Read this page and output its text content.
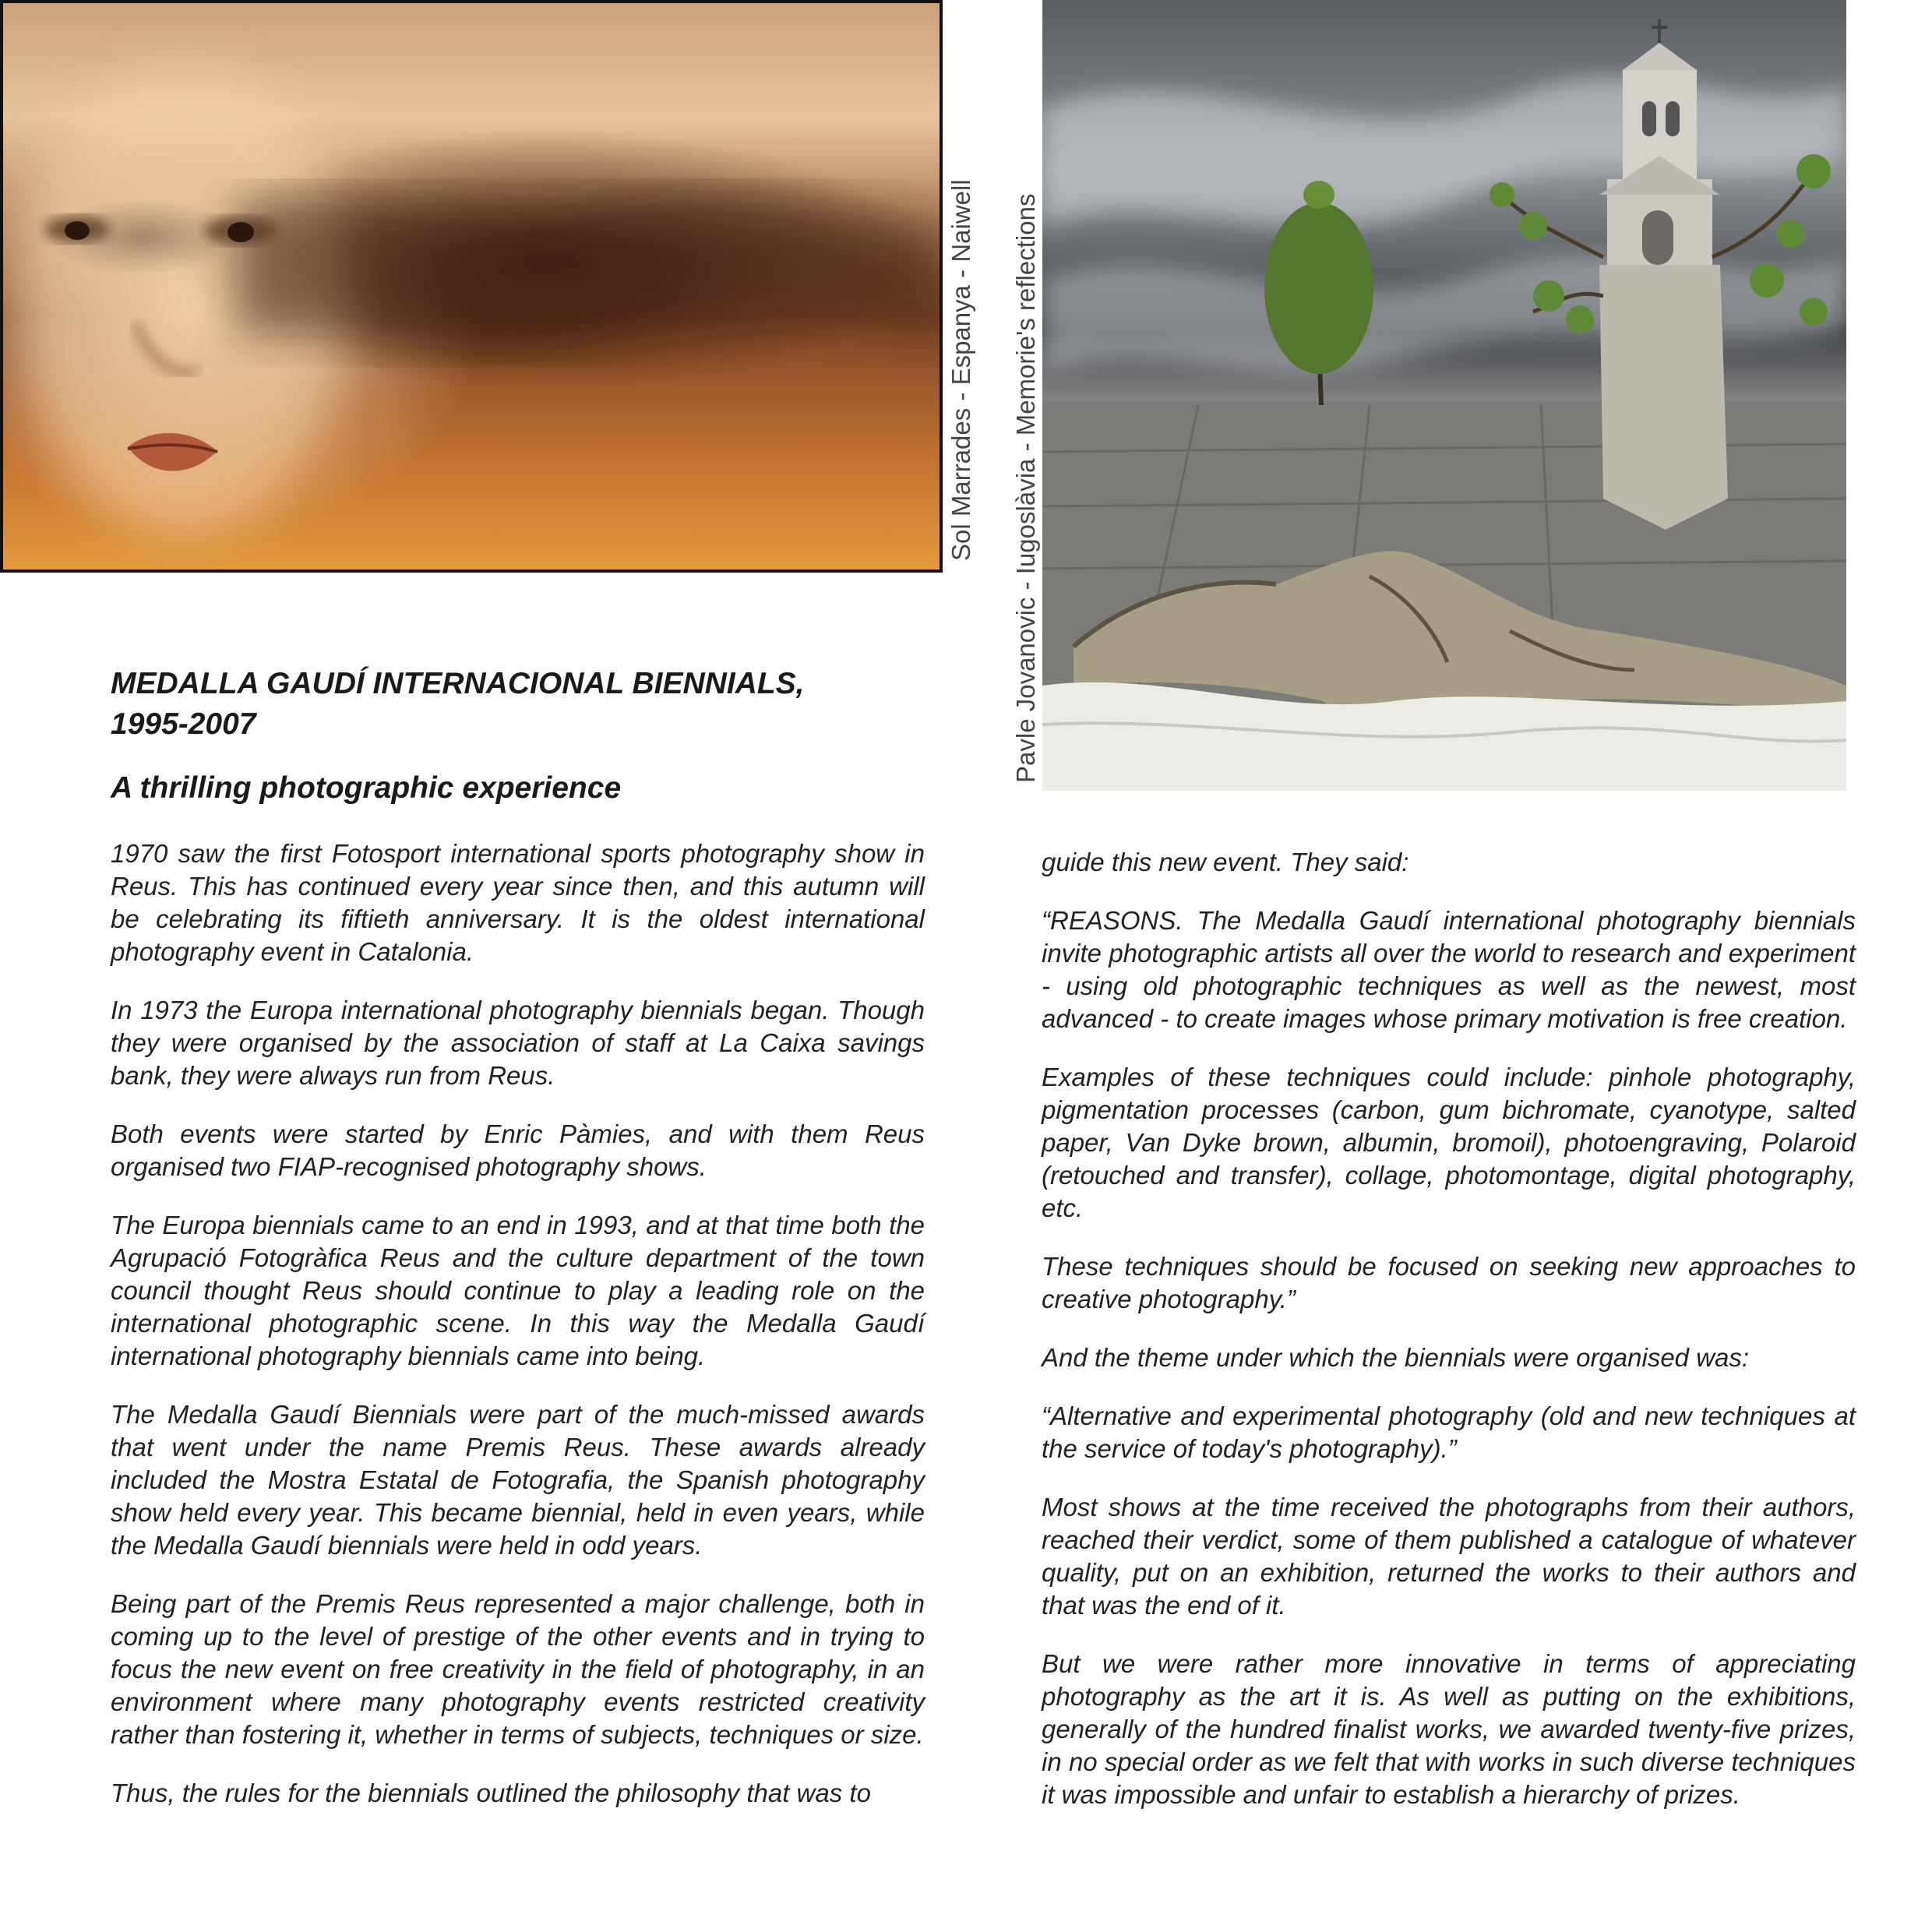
Sol Marrades - Espanya - Naiwell Pavle Jovanovic - Iugoslàvia - Memorie's reflections
MEDALLA GAUDÍ INTERNACIONAL BIENNIALS,
1995-2007
A thrilling photographic experience

1970 saw the first Fotosport international sports photography show in Reus. This has continued every year since then, and this autumn will be celebrating its fiftieth anniversary. It is the oldest international photography event in Catalonia.

In 1973 the Europa international photography biennials began. Though they were organised by the association of staff at La Caixa savings bank, they were always run from Reus.

Both events were started by Enric Pàmies, and with them Reus organised two FIAP-recognised photography shows.

The Europa biennials came to an end in 1993, and at that time both the Agrupació Fotogràfica Reus and the culture department of the town council thought Reus should continue to play a leading role on the international photographic scene. In this way the Medalla Gaudí international photography biennials came into being.

The Medalla Gaudí Biennials were part of the much-missed awards that went under the name Premis Reus. These awards already included the Mostra Estatal de Fotografia, the Spanish photography show held every year. This became biennial, held in even years, while the Medalla Gaudí biennials were held in odd years.

Being part of the Premis Reus represented a major challenge, both in coming up to the level of prestige of the other events and in trying to focus the new event on free creativity in the field of photography, in an environment where many photography events restricted creativity rather than fostering it, whether in terms of subjects, techniques or size.

Thus, the rules for the biennials outlined the philosophy that was to

guide this new event. They said:

“REASONS. The Medalla Gaudí international photography biennials invite photographic artists all over the world to research and experiment - using old photographic techniques as well as the newest, most advanced - to create images whose primary motivation is free creation.

Examples of these techniques could include: pinhole photography, pigmentation processes (carbon, gum bichromate, cyanotype, salted paper, Van Dyke brown, albumin, bromoil), photoengraving, Polaroid (retouched and transfer), collage, photomontage, digital photography, etc.

These techniques should be focused on seeking new approaches to creative photography.”

And the theme under which the biennials were organised was:

“Alternative and experimental photography (old and new techniques at the service of today's photography).”

Most shows at the time received the photographs from their authors, reached their verdict, some of them published a catalogue of whatever quality, put on an exhibition, returned the works to their authors and that was the end of it.

But we were rather more innovative in terms of appreciating photography as the art it is. As well as putting on the exhibitions, generally of the hundred finalist works, we awarded twenty-five prizes, in no special order as we felt that with works in such diverse techniques it was impossible and unfair to establish a hierarchy of prizes.
